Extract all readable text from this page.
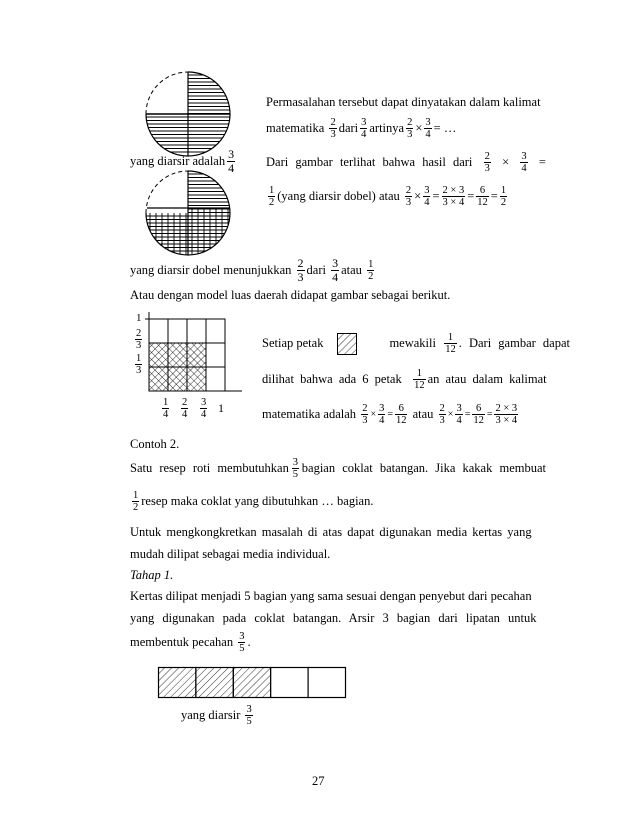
yang diarsir adalah $\frac{3}{4}$
Permasalahan tersebut dapat dinyatakan dalam kalimat
matematika
$\frac{2}{3}$ dari $\frac{3}{4}$ artinya $\frac{2}{3} \times \frac{3}{4}$ = …
Dari gambar terlihat bahwa hasil dari $\frac{2}{3} \times \frac{3}{4}$ =
$\frac{1}{2}$ (yang diarsir dobel) atau
$\frac{2}{3} \times \frac{3}{4} = \frac{2 \times 3}{3 \times 4} = \frac{6}{12} = \frac{1}{2}$
yang diarsir dobel menunjukkan
$\frac{2}{3}$ dari
$\frac{3}{4}$ atau
$\frac{1}{2}$
Atau dengan model luas daerah didapat gambar sebagai berikut.
1
$\frac{2}{3}$
$\frac{1}{3}$
$\frac{1}{4} \frac{2}{4} \frac{3}{4} 1$
Setiap petak	mewakili
$\frac{1}{12}$ . Dari gambar dapat
dilihat bahwa ada 6 petak
$\frac{1}{12}$ an atau dalam kalimat
matematika adalah
$\frac{2}{3} \times \frac{3}{4} = \frac{6}{12}$
atau
$\frac{2}{3} \times \frac{3}{4} = \frac{6}{12} = \frac{2 \times 3}{3 \times 4}$
Contoh 2.
Satu resep roti membutuhkan $\frac{3}{5}$ bagian coklat batangan. Jika kakak membuat
$\frac{1}{2}$ resep maka coklat yang dibutuhkan … bagian.
Untuk mengkongkretkan masalah di atas dapat digunakan media kertas yang
mudah dilipat sebagai media individual.
Tahap 1.
Kertas dilipat menjadi 5 bagian yang sama sesuai dengan penyebut dari pecahan
yang digunakan pada coklat batangan. Arsir 3 bagian dari lipatan untuk
membentuk pecahan
$\frac{3}{5}$ .
yang diarsir
$\frac{3}{5}$
27
